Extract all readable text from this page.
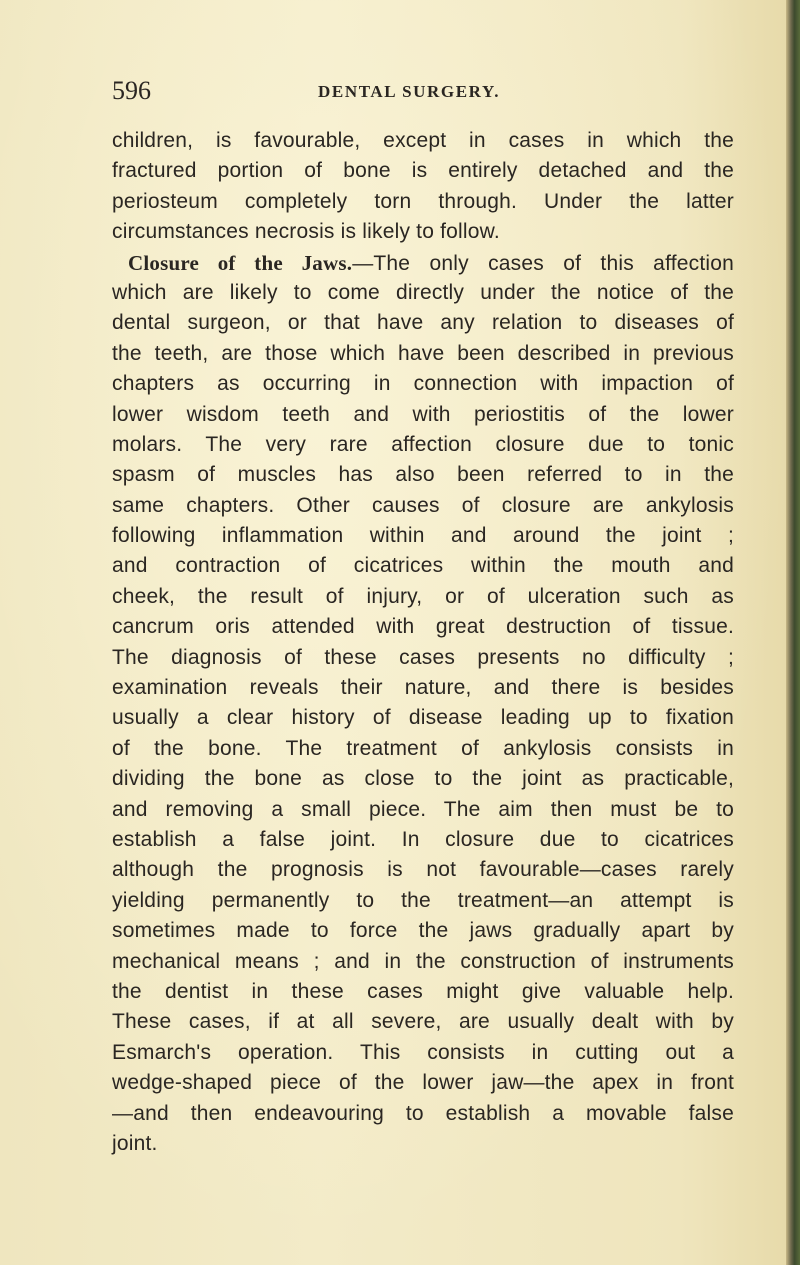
596	DENTAL SURGERY.
children, is favourable, except in cases in which the
fractured portion of bone is entirely detached and the
periosteum completely torn through. Under the latter
circumstances necrosis is likely to follow.
Closure of the Jaws.—The only cases of this affection
which are likely to come directly under the notice of the
dental surgeon, or that have any relation to diseases of
the teeth, are those which have been described in previous
chapters as occurring in connection with impaction of
lower wisdom teeth and with periostitis of the lower
molars. The very rare affection closure due to tonic
spasm of muscles has also been referred to in the
same chapters. Other causes of closure are ankylosis
following inflammation within and around the joint ;
and contraction of cicatrices within the mouth and
cheek, the result of injury, or of ulceration such as
cancrum oris attended with great destruction of tissue.
The diagnosis of these cases presents no difficulty ;
examination reveals their nature, and there is besides
usually a clear history of disease leading up to fixation
of the bone. The treatment of ankylosis consists in
dividing the bone as close to the joint as practicable,
and removing a small piece. The aim then must be to
establish a false joint. In closure due to cicatrices
although the prognosis is not favourable—cases rarely
yielding permanently to the treatment—an attempt is
sometimes made to force the jaws gradually apart by
mechanical means ; and in the construction of instruments
the dentist in these cases might give valuable help.
These cases, if at all severe, are usually dealt with by
Esmarch's operation. This consists in cutting out a
wedge-shaped piece of the lower jaw—the apex in front
—and then endeavouring to establish a movable false
joint.
